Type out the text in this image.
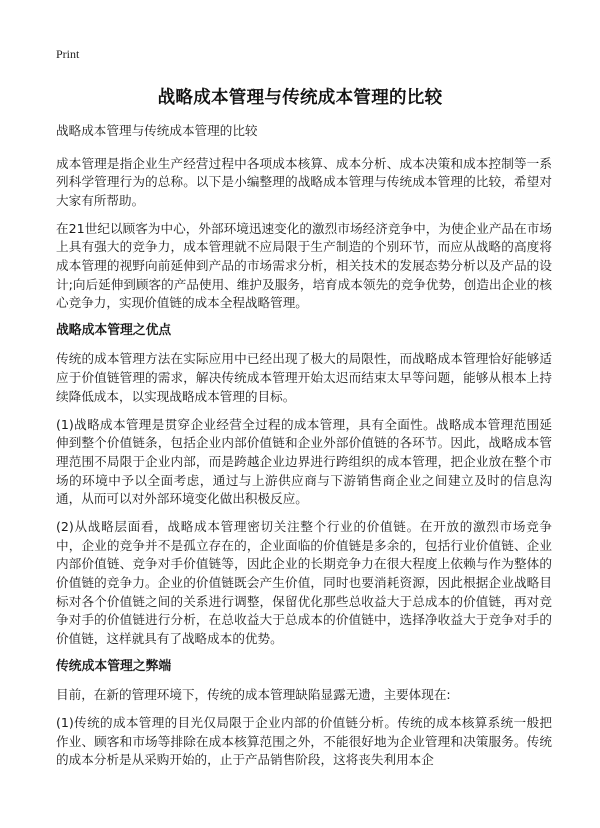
Print
战略成本管理与传统成本管理的比较

战略成本管理与传统成本管理的比较

成本管理是指企业生产经营过程中各项成本核算、成本分析、成本决策和成本控制等一系列科学管理行为的总称。以下是小编整理的战略成本管理与传统成本管理的比较，希望对大家有所帮助。

在21世纪以顾客为中心，外部环境迅速变化的激烈市场经济竞争中，为使企业产品在市场上具有强大的竞争力，成本管理就不应局限于生产制造的个别环节，而应从战略的高度将成本管理的视野向前延伸到产品的市场需求分析，相关技术的发展态势分析以及产品的设计;向后延伸到顾客的产品使用、维护及服务，培育成本领先的竞争优势，创造出企业的核心竞争力，实现价值链的成本全程战略管理。

战略成本管理之优点

传统的成本管理方法在实际应用中已经出现了极大的局限性，而战略成本管理恰好能够适应于价值链管理的需求，解决传统成本管理开始太迟而结束太早等问题，能够从根本上持续降低成本，以实现战略成本管理的目标。

(1)战略成本管理是贯穿企业经营全过程的成本管理，具有全面性。战略成本管理范围延伸到整个价值链条，包括企业内部价值链和企业外部价值链的各环节。因此，战略成本管理范围不局限于企业内部，而是跨越企业边界进行跨组织的成本管理，把企业放在整个市场的环境中予以全面考虑，通过与上游供应商与下游销售商企业之间建立及时的信息沟通，从而可以对外部环境变化做出积极反应。

(2)从战略层面看，战略成本管理密切关注整个行业的价值链。在开放的激烈市场竞争中，企业的竞争并不是孤立存在的，企业面临的价值链是多余的，包括行业价值链、企业内部价值链、竞争对手价值链等，因此企业的长期竞争力在很大程度上依赖与作为整体的价值链的竞争力。企业的价值链既会产生价值，同时也要消耗资源，因此根据企业战略目标对各个价值链之间的关系进行调整，保留优化那些总收益大于总成本的价值链，再对竞争对手的价值链进行分析，在总收益大于总成本的价值链中，选择净收益大于竞争对手的价值链，这样就具有了战略成本的优势。

传统成本管理之弊端

目前，在新的管理环境下，传统的成本管理缺陷显露无遗，主要体现在:

(1)传统的成本管理的目光仅局限于企业内部的价值链分析。传统的成本核算系统一般把作业、顾客和市场等排除在成本核算范围之外，不能很好地为企业管理和决策服务。传统的成本分析是从采购开始的，止于产品销售阶段，这将丧失利用本企
